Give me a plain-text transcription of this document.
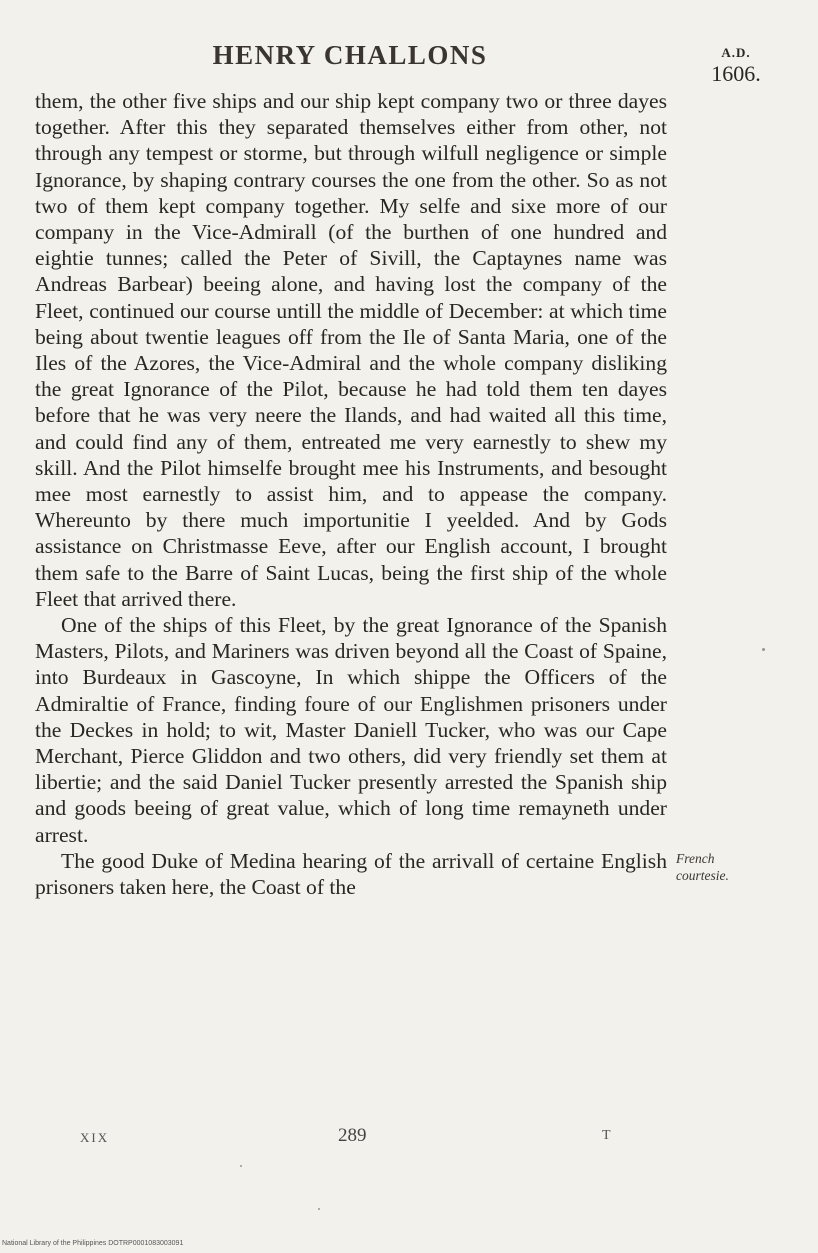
HENRY CHALLONS	A.D.
1606.

them, the other five ships and our ship kept company two or three dayes together. After this they separated themselves either from other, not through any tempest or storme, but through wilfull negligence or simple Ignorance, by shaping contrary courses the one from the other. So as not two of them kept company together. My selfe and sixe more of our company in the Vice-Admirall (of the burthen of one hundred and eightie tunnes; called the Peter of Sivill, the Captaynes name was Andreas Barbear) beeing alone, and having lost the company of the Fleet, continued our course untill the middle of December: at which time being about twentie leagues off from the Ile of Santa Maria, one of the Iles of the Azores, the Vice-Admiral and the whole company disliking the great Ignorance of the Pilot, because he had told them ten dayes before that he was very neere the Ilands, and had waited all this time, and could find any of them, entreated me very earnestly to shew my skill. And the Pilot himselfe brought mee his Instruments, and besought mee most earnestly to assist him, and to appease the company. Whereunto by there much importunitie I yeelded. And by Gods assistance on Christmasse Eeve, after our English account, I brought them safe to the Barre of Saint Lucas, being the first ship of the whole Fleet that arrived there.

One of the ships of this Fleet, by the great Ignorance of the Spanish Masters, Pilots, and Mariners was driven beyond all the Coast of Spaine, into Burdeaux in Gascoyne, In which shippe the Officers of the Admiraltie of France, finding foure of our Englishmen prisoners under the Deckes in hold; to wit, Master Daniell Tucker, who was our Cape Merchant, Pierce Gliddon and two others, did very friendly set them at libertie; and the said Daniel Tucker presently arrested the Spanish ship and goods beeing of great value, which of long time remayneth under arrest.

The good Duke of Medina hearing of the arrivall of certaine English prisoners taken here, the Coast of the

French
courtesie.
XIX	289	T
National Library of the Philippines DOTRP0001083003091
